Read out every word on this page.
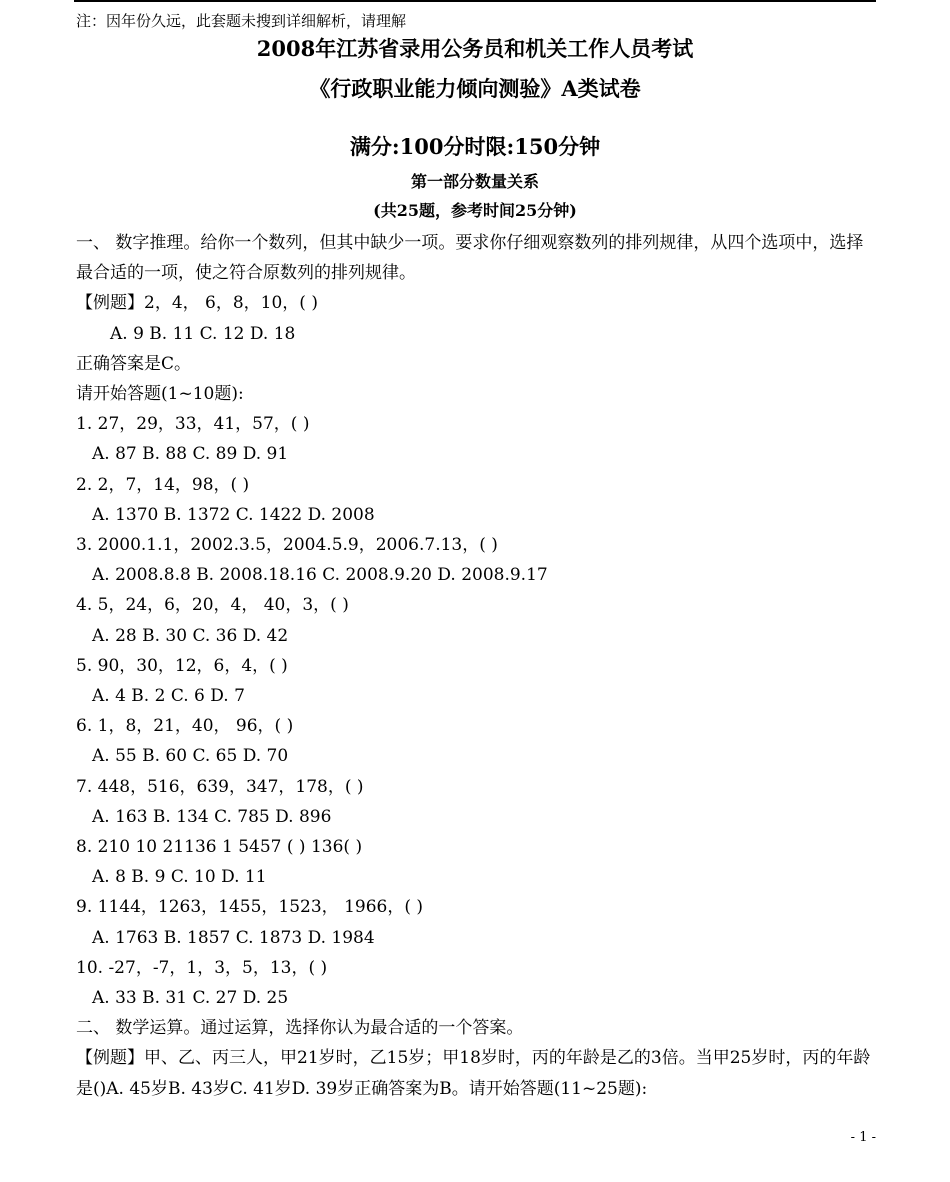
注：因年份久远，此套题未搜到详细解析，请理解
2008年江苏省录用公务员和机关工作人员考试
《行政职业能力倾向测验》A类试卷
满分:100分时限:150分钟
第一部分数量关系
(共25题，参考时间25分钟)
一、 数字推理。给你一个数列，但其中缺少一项。要求你仔细观察数列的排列规律，从四个选项中，选择最合适的一项，使之符合原数列的排列规律。
【例题】2，4， 6，8，10，( )
A. 9 B. 11 C. 12 D. 18
正确答案是C。
请开始答题(1~10题):
1. 27，29，33，41，57，( )
A. 87 B. 88 C. 89 D. 91
2. 2，7，14，98，( )
A. 1370 B. 1372 C. 1422 D. 2008
3. 2000.1.1，2002.3.5，2004.5.9，2006.7.13，( )
A. 2008.8.8 B. 2008.18.16 C. 2008.9.20 D. 2008.9.17
4. 5，24，6，20，4， 40，3，( )
A. 28 B. 30 C. 36 D. 42
5. 90，30，12，6，4，( )
A. 4 B. 2 C. 6 D. 7
6. 1，8，21，40， 96，( )
A. 55 B. 60 C. 65 D. 70
7. 448，516，639，347，178，( )
A. 163 B. 134 C. 785 D. 896
8. 210 10 21136 1 5457 ( ) 136( )
A. 8 B. 9 C. 10 D. 11
9. 1144，1263，1455，1523， 1966，( )
A. 1763 B. 1857 C. 1873 D. 1984
10. -27，-7，1，3，5，13，( )
A. 33 B. 31 C. 27 D. 25
二、 数学运算。通过运算，选择你认为最合适的一个答案。
【例题】甲、乙、丙三人，甲21岁时，乙15岁；甲18岁时，丙的年龄是乙的3倍。当甲25岁时，丙的年龄是()A. 45岁B. 43岁C. 41岁D. 39岁正确答案为B。请开始答题(11~25题):
- 1 -
